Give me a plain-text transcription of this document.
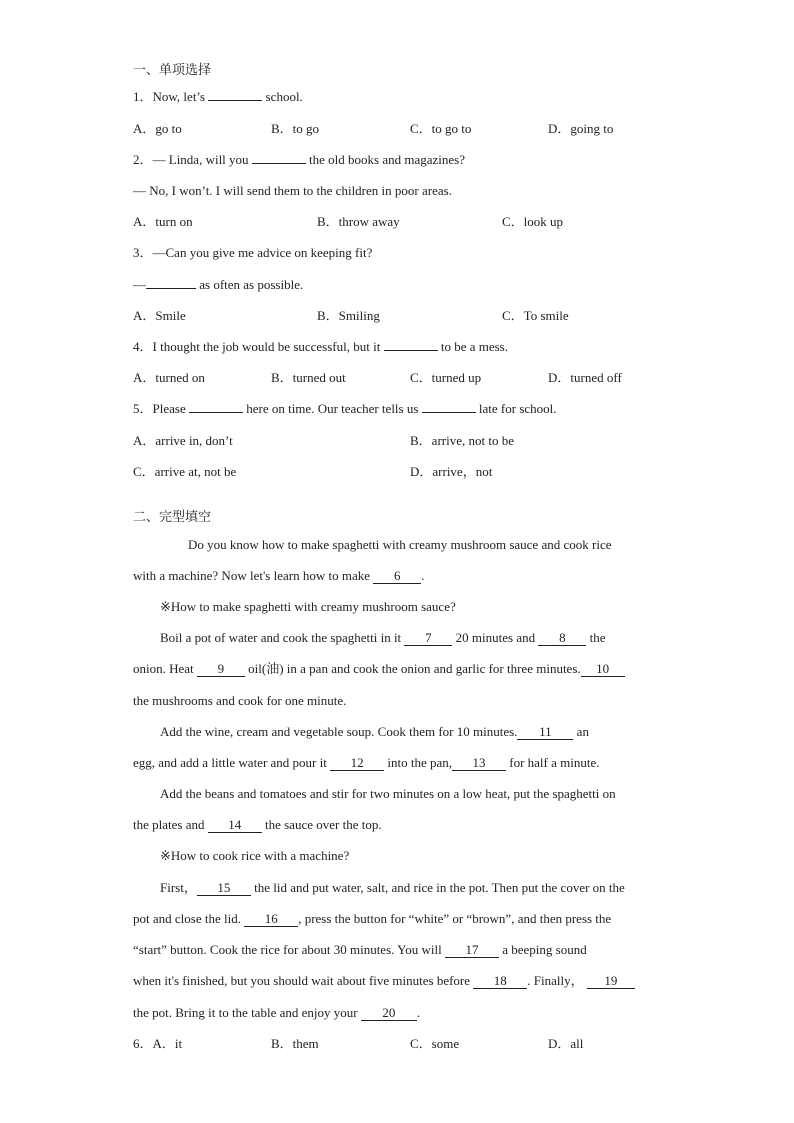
一、单项选择
1．Now, let’s	school.
A．go to	B．to go	C．to go to	D．going to
2．— Linda, will you	the old books and magazines?
— No, I won’t. I will send them to the children in poor areas.
A．turn on	B．throw away	C．look up
3．—Can you give me advice on keeping fit?
—	as often as possible.
A．Smile	B．Smiling	C．To smile
4．I thought the job would be successful, but it	to be a mess.
A．turned on	B．turned out	C．turned up	D．turned off
5．Please	here on time. Our teacher tells us	late for school.
A．arrive in, don’t	B．arrive, not to be
C．arrive at, not be	D．arrive，not
二、完型填空
Do you know how to make spaghetti with creamy mushroom sauce and cook rice
with a machine? Now let's learn how to make 6 .
※How to make spaghetti with creamy mushroom sauce?
Boil a pot of water and cook the spaghetti in it 7 20 minutes and 8 the
onion. Heat 9 oil(油) in a pan and cook the onion and garlic for three minutes. 10
the mushrooms and cook for one minute.
Add the wine, cream and vegetable soup. Cook them for 10 minutes. 11 an
egg, and add a little water and pour it 12 into the pan, 13 for half a minute.
Add the beans and tomatoes and stir for two minutes on a low heat, put the spaghetti on
the plates and 14 the sauce over the top.
※How to cook rice with a machine?
First， 15 the lid and put water, salt, and rice in the pot. Then put the cover on the
pot and close the lid. 16 , press the button for “white” or “brown”, and then press the
“start” button. Cook the rice for about 30 minutes. You will 17 a beeping sound
when it's finished, but you should wait about five minutes before 18 . Finally， 19
the pot. Bring it to the table and enjoy your 20 .
6．A．it	B．them	C．some	D．all
